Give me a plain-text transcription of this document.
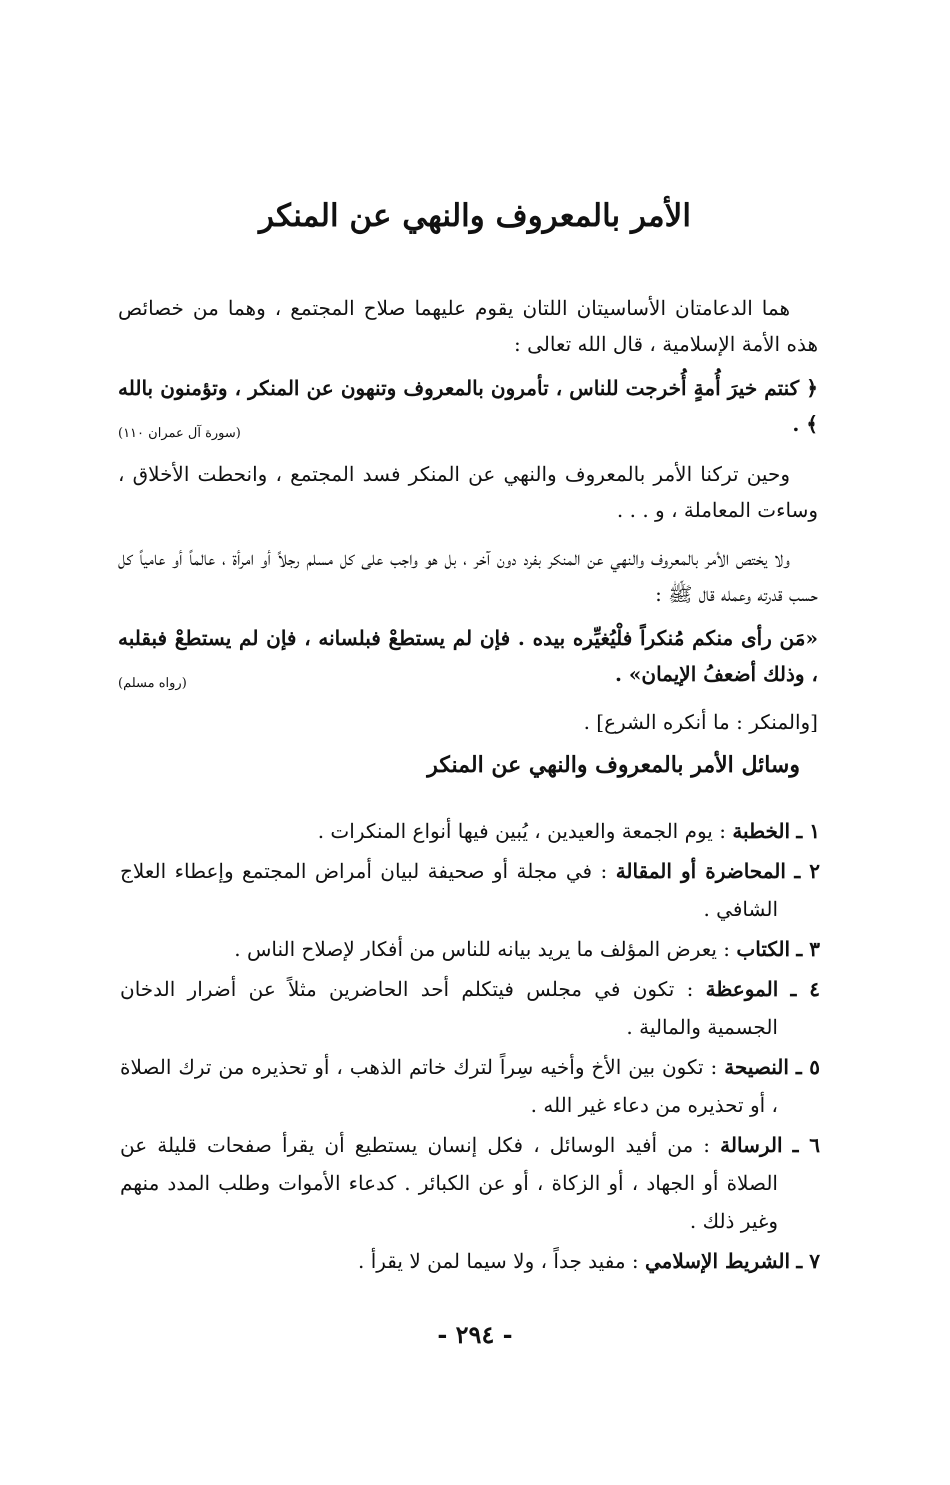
الأمر بالمعروف والنهي عن المنكر

هما الدعامتان الأساسيتان اللتان يقوم عليهما صلاح المجتمع ، وهما من خصائص هذه الأمة الإسلامية ، قال الله تعالى :

﴿ كنتم خيرَ أُمةٍ أُخرجت للناس ، تأمرون بالمعروف وتنهون عن المنكر ، وتؤمنون بالله ﴾ .

(سورة آل عمران ١١٠)

وحين تركنا الأمر بالمعروف والنهي عن المنكر فسد المجتمع ، وانحطت الأخلاق ، وساءت المعاملة ، و . . .

ولا يختص الأمر بالمعروف والنهي عن المنكر بفرد دون آخر ، بل هو واجب على كل مسلم رجلاً أو امرأة ، عالماً أو عامياً كل حسب قدرته وعمله قال ﷺ :

«مَن رأى منكم مُنكراً فلْيُغيِّره بيده . فإن لم يستطعْ فبلسانه ، فإن لم يستطعْ فبقلبه ، وذلك أضعفُ الإيمان» .

(رواه مسلم)

[والمنكر : ما أنكره الشرع] .

وسائل الأمر بالمعروف والنهي عن المنكر
١ ـ الخطبة : يوم الجمعة والعيدين ، يُبين فيها أنواع المنكرات .
٢ ـ المحاضرة أو المقالة : في مجلة أو صحيفة لبيان أمراض المجتمع وإعطاء العلاج الشافي .
٣ ـ الكتاب : يعرض المؤلف ما يريد بيانه للناس من أفكار لإصلاح الناس .
٤ ـ الموعظة : تكون في مجلس فيتكلم أحد الحاضرين مثلاً عن أضرار الدخان الجسمية والمالية .
٥ ـ النصيحة : تكون بين الأخ وأخيه سِراً لترك خاتم الذهب ، أو تحذيره من ترك الصلاة ، أو تحذيره من دعاء غير الله .
٦ ـ الرسالة : من أفيد الوسائل ، فكل إنسان يستطيع أن يقرأ صفحات قليلة عن الصلاة أو الجهاد ، أو الزكاة ، أو عن الكبائر . كدعاء الأموات وطلب المدد منهم وغير ذلك .
٧ ـ الشريط الإسلامي : مفيد جداً ، ولا سيما لمن لا يقرأ .
- ٢٩٤ -
